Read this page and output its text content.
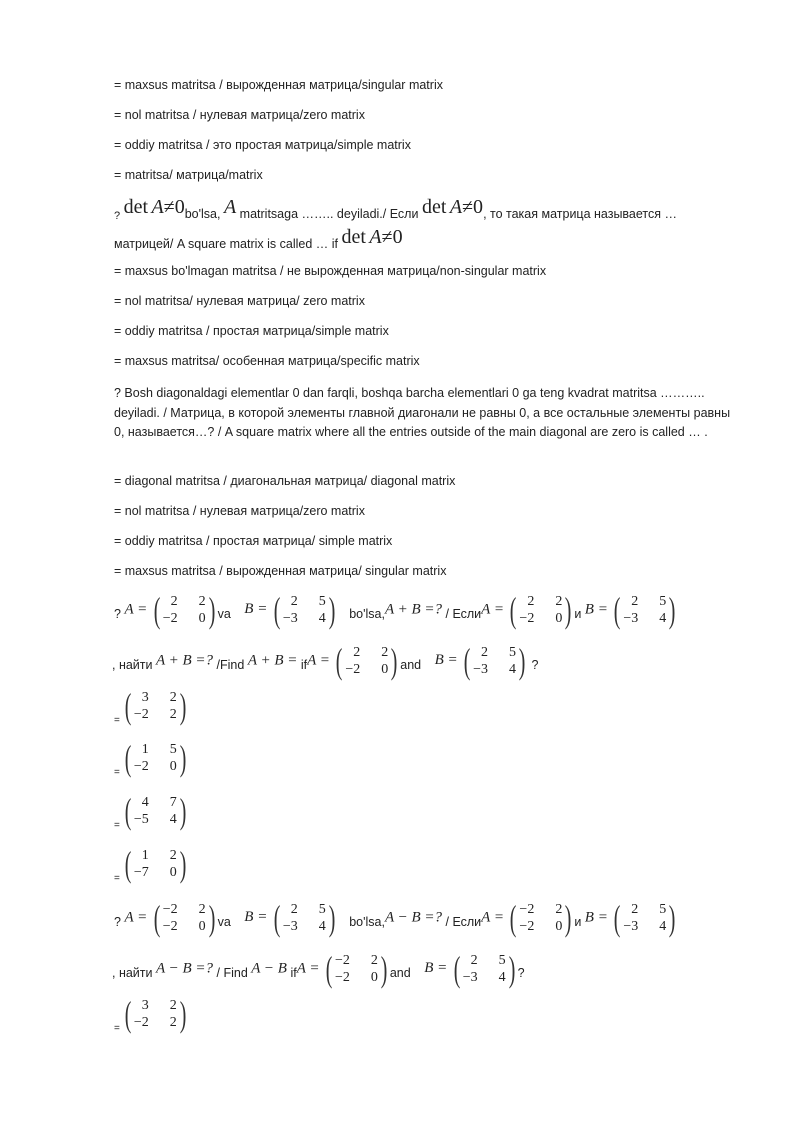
= maxsus matritsa / вырожденная матрица/singular matrix
= nol matritsa / нулевая матрица/zero matrix
= oddiy matritsa / это простая матрица/simple matrix
= matritsa/ матрица/matrix
? det A≠0bo'lsa, A matritsaga …….. deyiladi./ Если det A≠0, то такая матрица называется …
матрицей/ A square matrix is called … if det A≠0
= maxsus bo'lmagan matritsa / не вырожденная матрица/non-singular matrix
= nol matritsa/ нулевая матрица/ zero matrix
= oddiy matritsa / простая матрица/simple matrix
= maxsus matritsa/ особенная матрица/specific matrix
? Bosh diagonaldagi elementlar 0 dan farqli, boshqa barcha elementlari 0 ga teng kvadrat matritsa ……….. deyiladi. / Матрица, в которой элементы главной диагонали не равны 0, а все остальные элементы равны 0, называется…? / A square matrix where all the entries outside of the main diagonal are zero is called … .
= diagonal matritsa / диагональная матрица/ diagonal matrix
= nol matritsa / нулевая матрица/zero matrix
= oddiy matritsa / простая матрица/ simple matrix
= maxsus matritsa / вырожденная матрица/ singular matrix
? A = ( 2	2
−2	0 ) va B = ( 2	5
−3	4 ) bo'lsa,A + B =? / ЕслиA = ( 2	2
−2	0 ) и B = ( 2	5
−3	4 )
, найти A + B =? /Find A + B = ifA = ( 2	2
−2	0 ) and B = ( 2	5
−3	4 ) ?
$_=$ ( 3	2
−2	2 )
$_=$ ( 1	5
−2	0 )
$_=$ ( 4	7
−5	4 )
$_=$ ( 1	2
−7	0 )
? A = ( −2	2
−2	0 ) va B = ( 2	5
−3	4 ) bo'lsa,A − B =? / ЕслиA = ( −2	2
−2	0 ) и B = ( 2	5
−3	4 )
, найти A − B =? / Find A − B ifA = ( −2	2
−2	0 ) and B = ( 2	5
−3	4 ) ?
$_=$ ( 3	2
−2	2 )
